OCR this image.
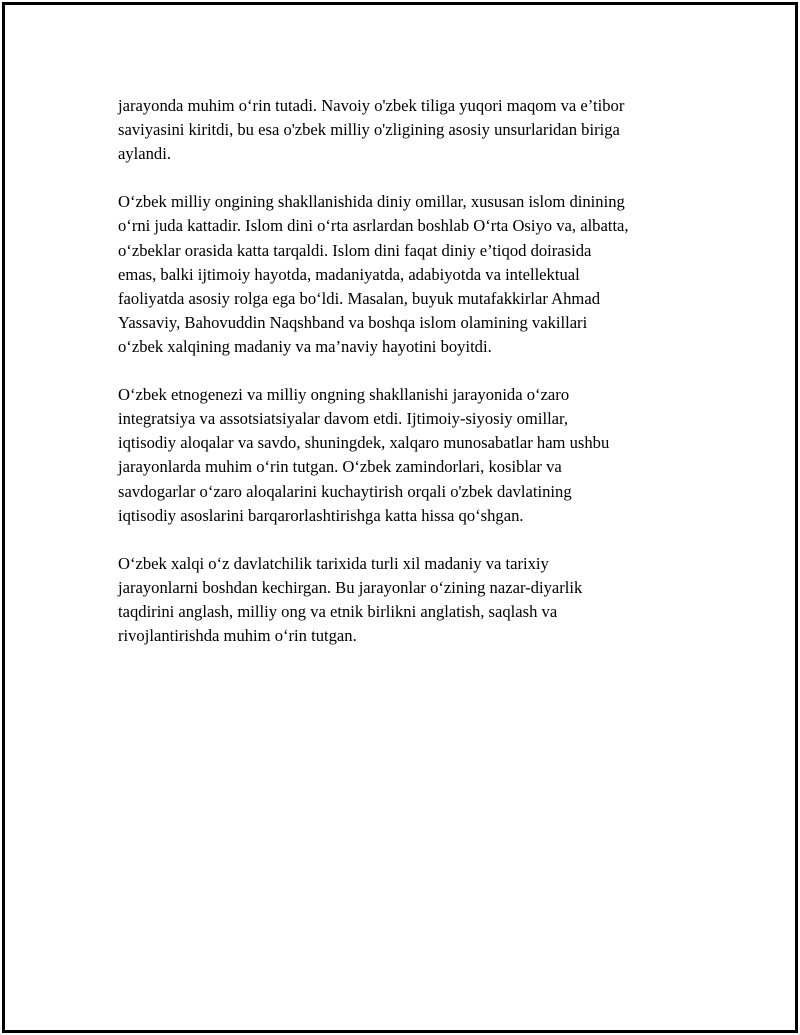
jarayonda muhim o‘rin tutadi. Navoiy o'zbek tiliga yuqori maqom va e’tibor
saviyasini kiritdi, bu esa o'zbek milliy o'zligining asosiy unsurlaridan biriga
aylandi.

O‘zbek milliy ongining shakllanishida diniy omillar, xususan islom dinining
o‘rni juda kattadir. Islom dini o‘rta asrlardan boshlab O‘rta Osiyo va, albatta,
o‘zbeklar orasida katta tarqaldi. Islom dini faqat diniy e’tiqod doirasida
emas, balki ijtimoiy hayotda, madaniyatda, adabiyotda va intellektual
faoliyatda asosiy rolga ega bo‘ldi. Masalan, buyuk mutafakkirlar Ahmad
Yassaviy, Bahovuddin Naqshband va boshqa islom olamining vakillari
o‘zbek xalqining madaniy va ma’naviy hayotini boyitdi.

O‘zbek etnogenezi va milliy ongning shakllanishi jarayonida o‘zaro
integratsiya va assotsiatsiyalar davom etdi. Ijtimoiy-siyosiy omillar,
iqtisodiy aloqalar va savdo, shuningdek, xalqaro munosabatlar ham ushbu
jarayonlarda muhim o‘rin tutgan. O‘zbek zamindorlari, kosiblar va
savdogarlar o‘zaro aloqalarini kuchaytirish orqali o'zbek davlatining
iqtisodiy asoslarini barqarorlashtirishga katta hissa qo‘shgan.

O‘zbek xalqi o‘z davlatchilik tarixida turli xil madaniy va tarixiy
jarayonlarni boshdan kechirgan. Bu jarayonlar o‘zining nazar-diyarlik
taqdirini anglash, milliy ong va etnik birlikni anglatish, saqlash va
rivojlantirishda muhim o‘rin tutgan.
